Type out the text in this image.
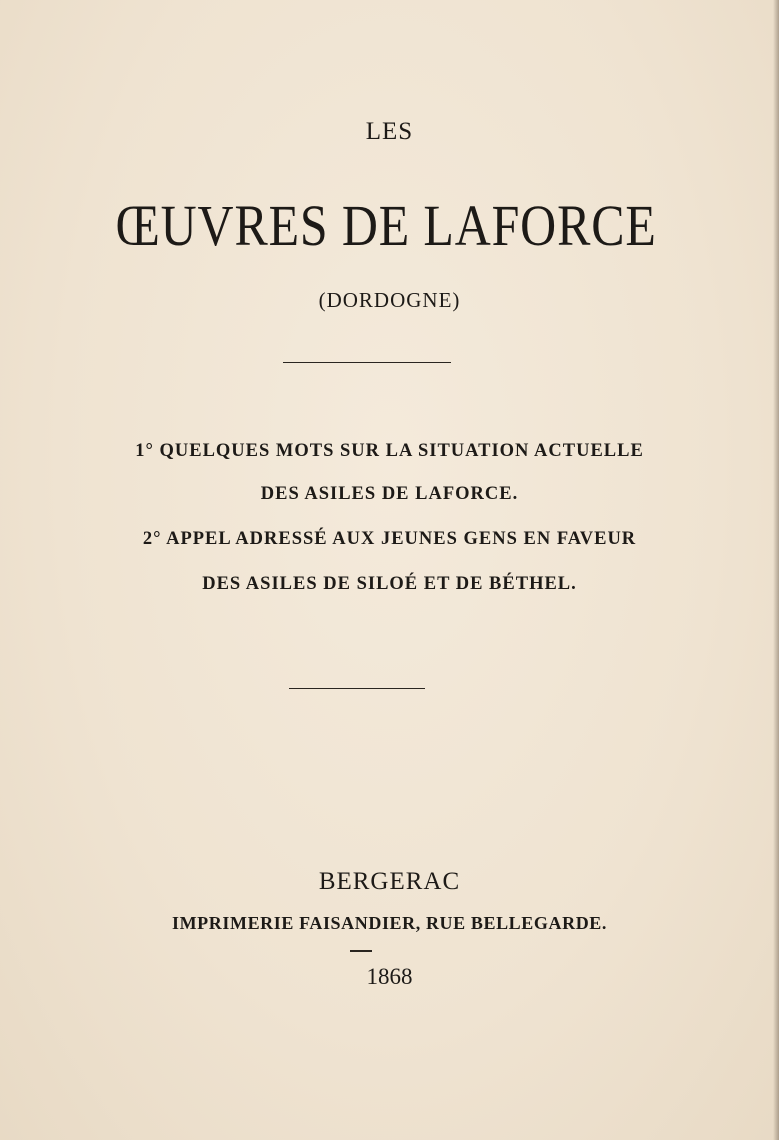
LES
ŒUVRES DE LAFORCE
(DORDOGNE)
1° QUELQUES MOTS SUR LA SITUATION ACTUELLE
DES ASILES DE LAFORCE.
2° APPEL ADRESSÉ AUX JEUNES GENS EN FAVEUR
DES ASILES DE SILOÉ ET DE BÉTHEL.
BERGERAC
IMPRIMERIE FAISANDIER, RUE BELLEGARDE.
1868
